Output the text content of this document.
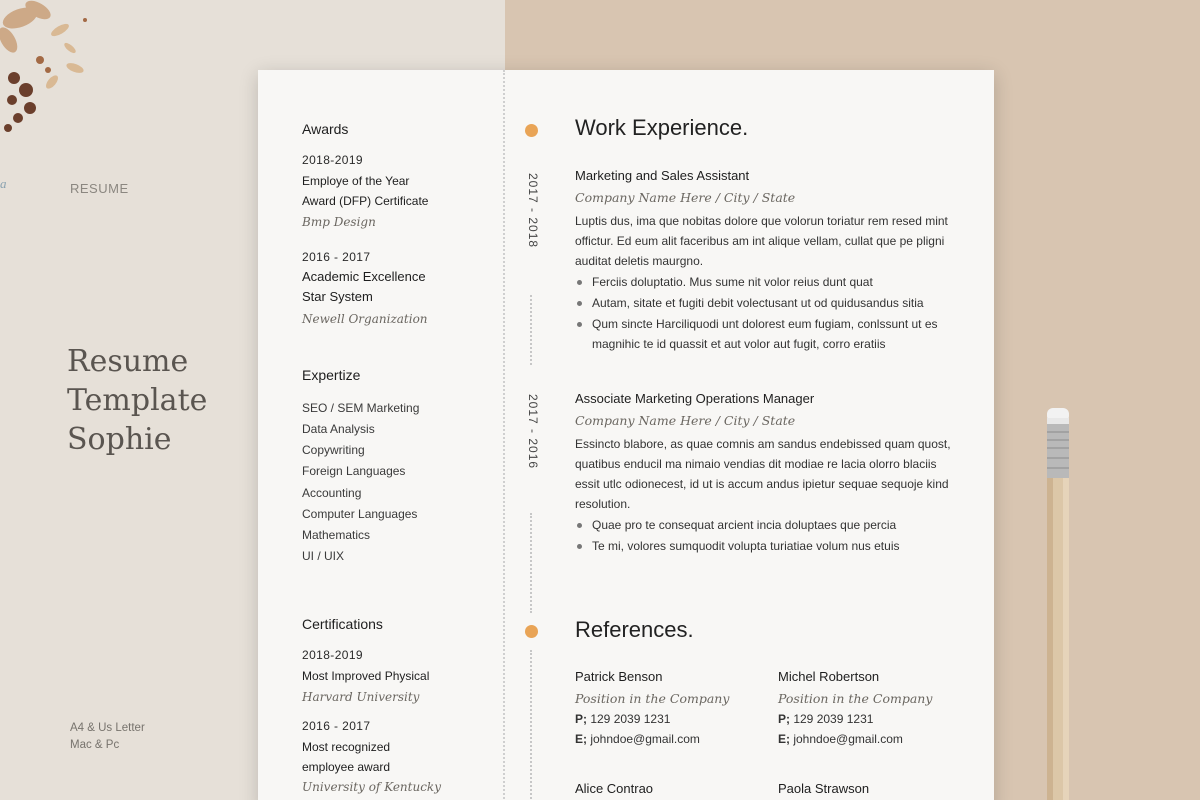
a	RESUME
Resume
Template
Sophie
A4 & Us Letter
Mac & Pc
Awards
2018-2019
Employe of the Year
Award (DFP) Certificate
Bmp Design
2016 - 2017
Academic Excellence
Star System
Newell Organization
Expertize
SEO / SEM Marketing
Data Analysis
Copywriting
Foreign Languages
Accounting
Computer Languages
Mathematics
UI / UIX
Certifications
2018-2019
Most Improved Physical
Harvard University
2016 - 2017
Most recognized
employee award
University of Kentucky
2017 - 2018
2017 - 2016
Work Experience.
Marketing and Sales Assistant
Company Name Here / City / State
Luptis dus, ima que nobitas dolore que volorun toriatur rem resed mint offictur. Ed eum alit faceribus am int alique vellam, cullat que pe pligni auditat deletis maurgno.
Ferciis doluptatio. Mus sume nit volor reius dunt quat
Autam, sitate et fugiti debit volectusant ut od quidusandus sitia
Qum sincte Harciliquodi unt dolorest eum fugiam, conlssunt ut es magnihic te id quassit et aut volor aut fugit, corro eratiis
Associate Marketing Operations Manager
Company Name Here / City / State
Essincto blabore, as quae comnis am sandus endebissed quam quost, quatibus enducil ma nimaio vendias dit modiae re lacia olorro blaciis essit utlc odionecest, id ut is accum andus ipietur sequae sequoje kind resolution.
Quae pro te consequat arcient incia doluptaes que percia
Te mi, volores sumquodit volupta turiatiae volum nus etuis
References.
Patrick Benson
Position in the Company
P; 129 2039 1231
E; johndoe@gmail.com
Michel Robertson
Position in the Company
P; 129 2039 1231
E; johndoe@gmail.com
Alice Contrao	Paola Strawson
